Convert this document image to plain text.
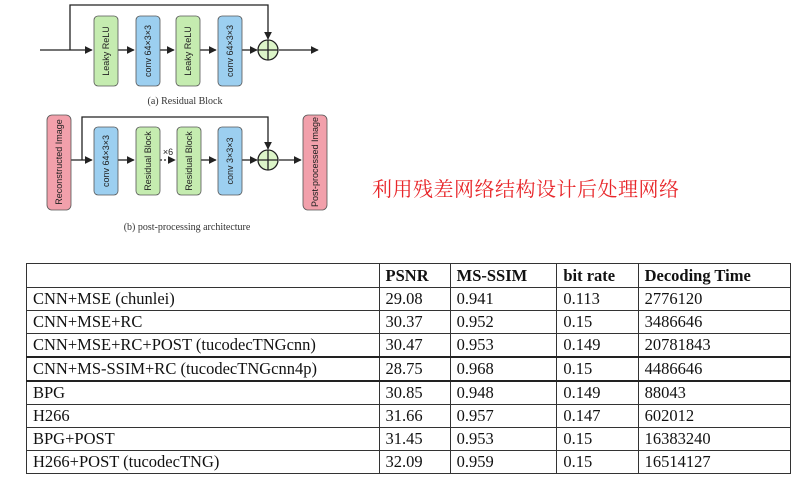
Leaky ReLU	conv 64×3×3	Leaky ReLU	conv 64×3×3
(a) Residual Block
Reconstructed Image	conv 64×3×3	Residual Block ×6 Residual Block	conv 3×3×3	Post-processed Image
(b) post-processing architecture
利用残差网络结构设计后处理网络
	PSNR	MS-SSIM	bit rate	Decoding Time
CNN+MSE (chunlei)	29.08	0.941	0.113	2776120
CNN+MSE+RC	30.37	0.952	0.15	3486646
CNN+MSE+RC+POST (tucodecTNGcnn)	30.47	0.953	0.149	20781843
CNN+MS-SSIM+RC (tucodecTNGcnn4p)	28.75	0.968	0.15	4486646
BPG	30.85	0.948	0.149	88043
H266	31.66	0.957	0.147	602012
BPG+POST	31.45	0.953	0.15	16383240
H266+POST (tucodecTNG)	32.09	0.959	0.15	16514127
